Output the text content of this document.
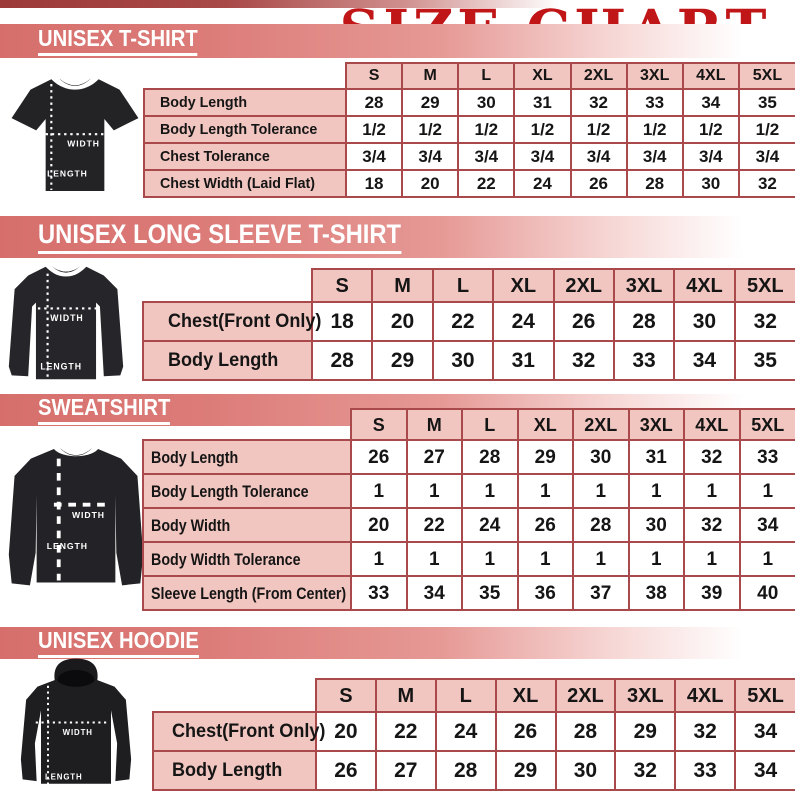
UNISEX T-SHIRT
WIDTH
LENGTH
	S	M	L	XL	2XL	3XL	4XL	5XL
Body Length	28	29	30	31	32	33	34	35
Body Length Tolerance	1/2	1/2	1/2	1/2	1/2	1/2	1/2	1/2
Chest Tolerance	3/4	3/4	3/4	3/4	3/4	3/4	3/4	3/4
Chest Width (Laid Flat)	18	20	22	24	26	28	30	32
UNISEX LONG SLEEVE T-SHIRT
WIDTH
LENGTH
	S	M	L	XL	2XL	3XL	4XL	5XL
Chest(Front Only)	18	20	22	24	26	28	30	32
Body Length	28	29	30	31	32	33	34	35
SWEATSHIRT
WIDTH
LENGTH
	S	M	L	XL	2XL	3XL	4XL	5XL
Body Length	26	27	28	29	30	31	32	33
Body Length Tolerance	1	1	1	1	1	1	1	1
Body Width	20	22	24	26	28	30	32	34
Body Width Tolerance	1	1	1	1	1	1	1	1
Sleeve Length (From Center)	33	34	35	36	37	38	39	40
UNISEX HOODIE
WIDTH
LENGTH
	S	M	L	XL	2XL	3XL	4XL	5XL
Chest(Front Only)	20	22	24	26	28	29	32	34
Body Length	26	27	28	29	30	32	33	34
